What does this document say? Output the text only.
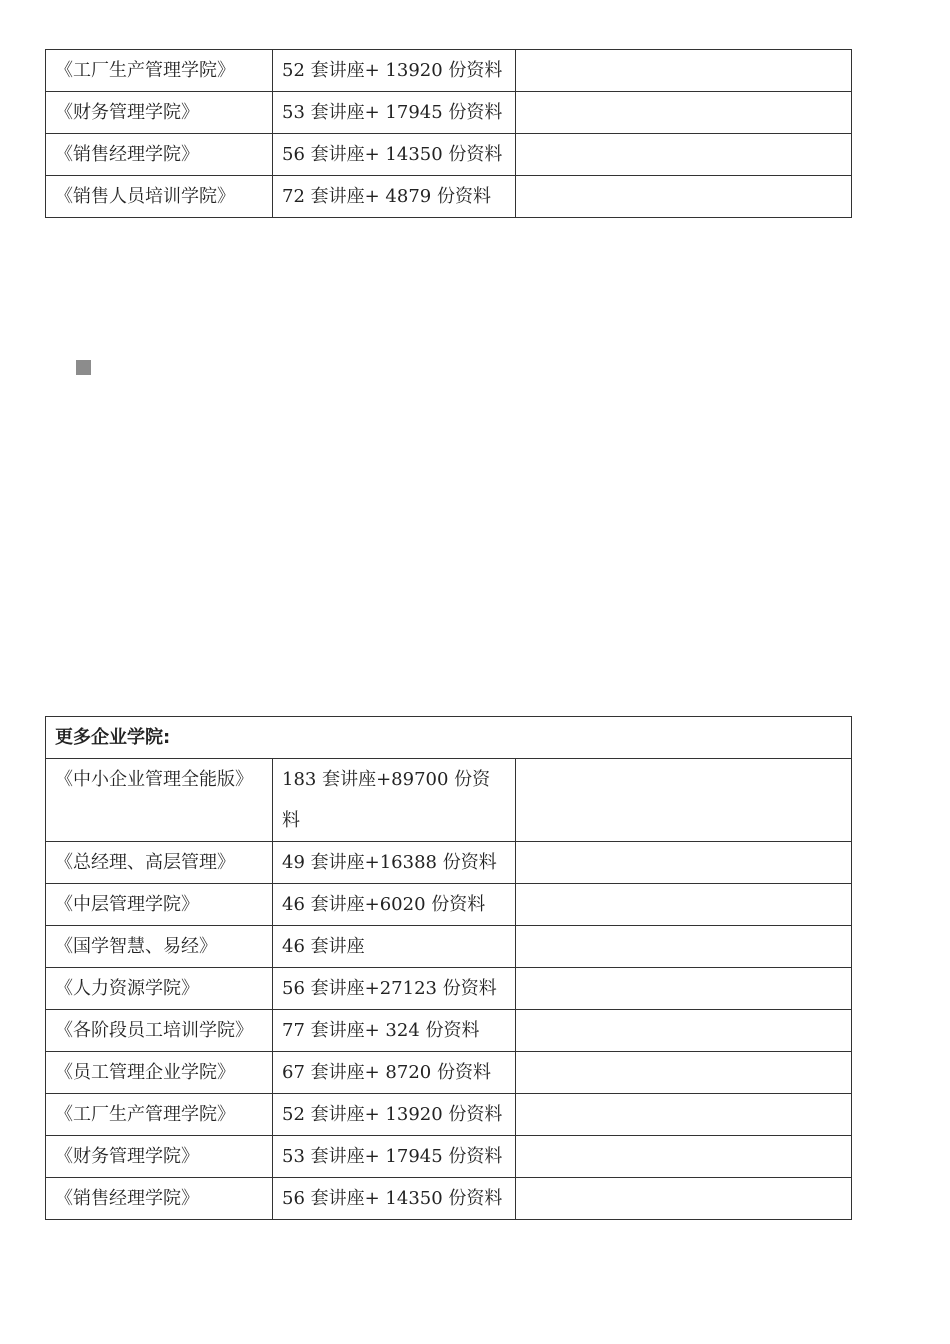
《工厂生产管理学院》	52 套讲座+ 13920 份资料	
《财务管理学院》	53 套讲座+ 17945 份资料	
《销售经理学院》	56 套讲座+ 14350 份资料	
《销售人员培训学院》	72 套讲座+ 4879 份资料	
更多企业学院:		
《中小企业管理全能版》	183 套讲座+89700 份资料	
《总经理、高层管理》	49 套讲座+16388 份资料	
《中层管理学院》	46 套讲座+6020 份资料	
《国学智慧、易经》	46 套讲座	
《人力资源学院》	56 套讲座+27123 份资料	
《各阶段员工培训学院》	77 套讲座+ 324 份资料	
《员工管理企业学院》	67 套讲座+ 8720 份资料	
《工厂生产管理学院》	52 套讲座+ 13920 份资料	
《财务管理学院》	53 套讲座+ 17945 份资料	
《销售经理学院》	56 套讲座+ 14350 份资料	
